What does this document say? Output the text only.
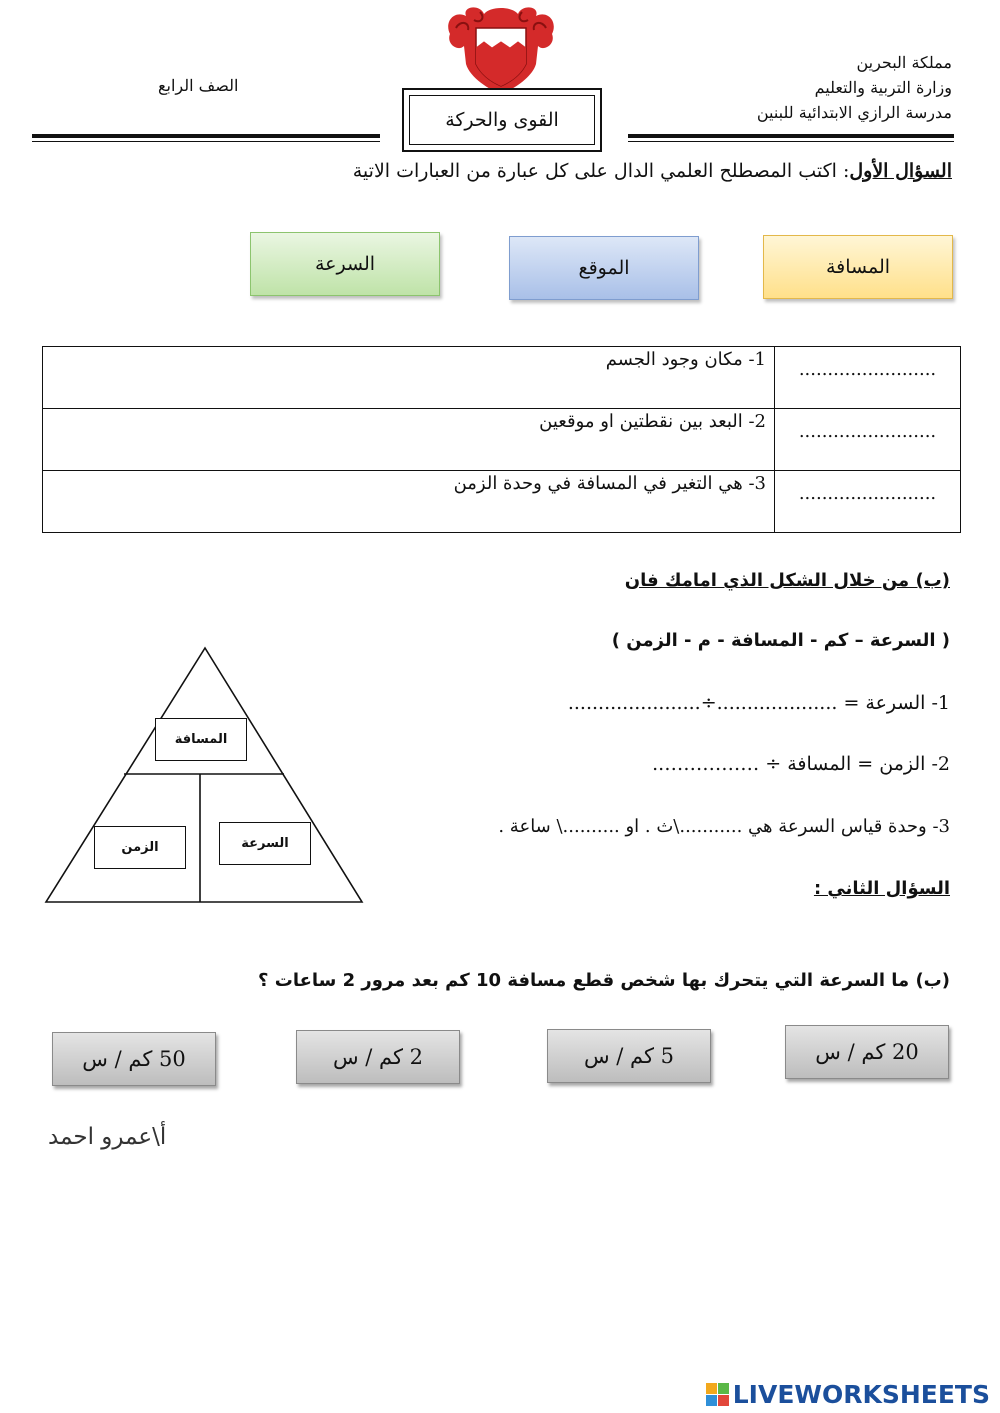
مملكة البحرين
وزارة التربية والتعليم
مدرسة الرازي الابتدائية للبنين
الصف الرابع
القوى والحركة
السؤال الأول: اكتب المصطلح العلمي الدال على كل عبارة من العبارات الاتية
المسافة
الموقع
السرعة
1- مكان وجود الجسم	........................
2- البعد بين نقطتين او موقعين	........................
3- هي التغير في المسافة في وحدة الزمن	........................
(ب) من خلال الشكل الذي امامك فان
( السرعة – كم - المسافة - م - الزمن )
1- السرعة = ....................÷......................
2- الزمن = المسافة ÷ ……………..
3- وحدة قياس السرعة هي ...........\ث . او ..........\ ساعة .
المسافة
الزمن	السرعة
السؤال الثاني :
(ب) ما السرعة التي يتحرك بها شخص قطع مسافة 10 كم بعد مرور 2 ساعات ؟
20 كم / س
5 كم / س
2 كم / س
50 كم / س
أ\عمرو احمد
LIVEWORKSHEETS
